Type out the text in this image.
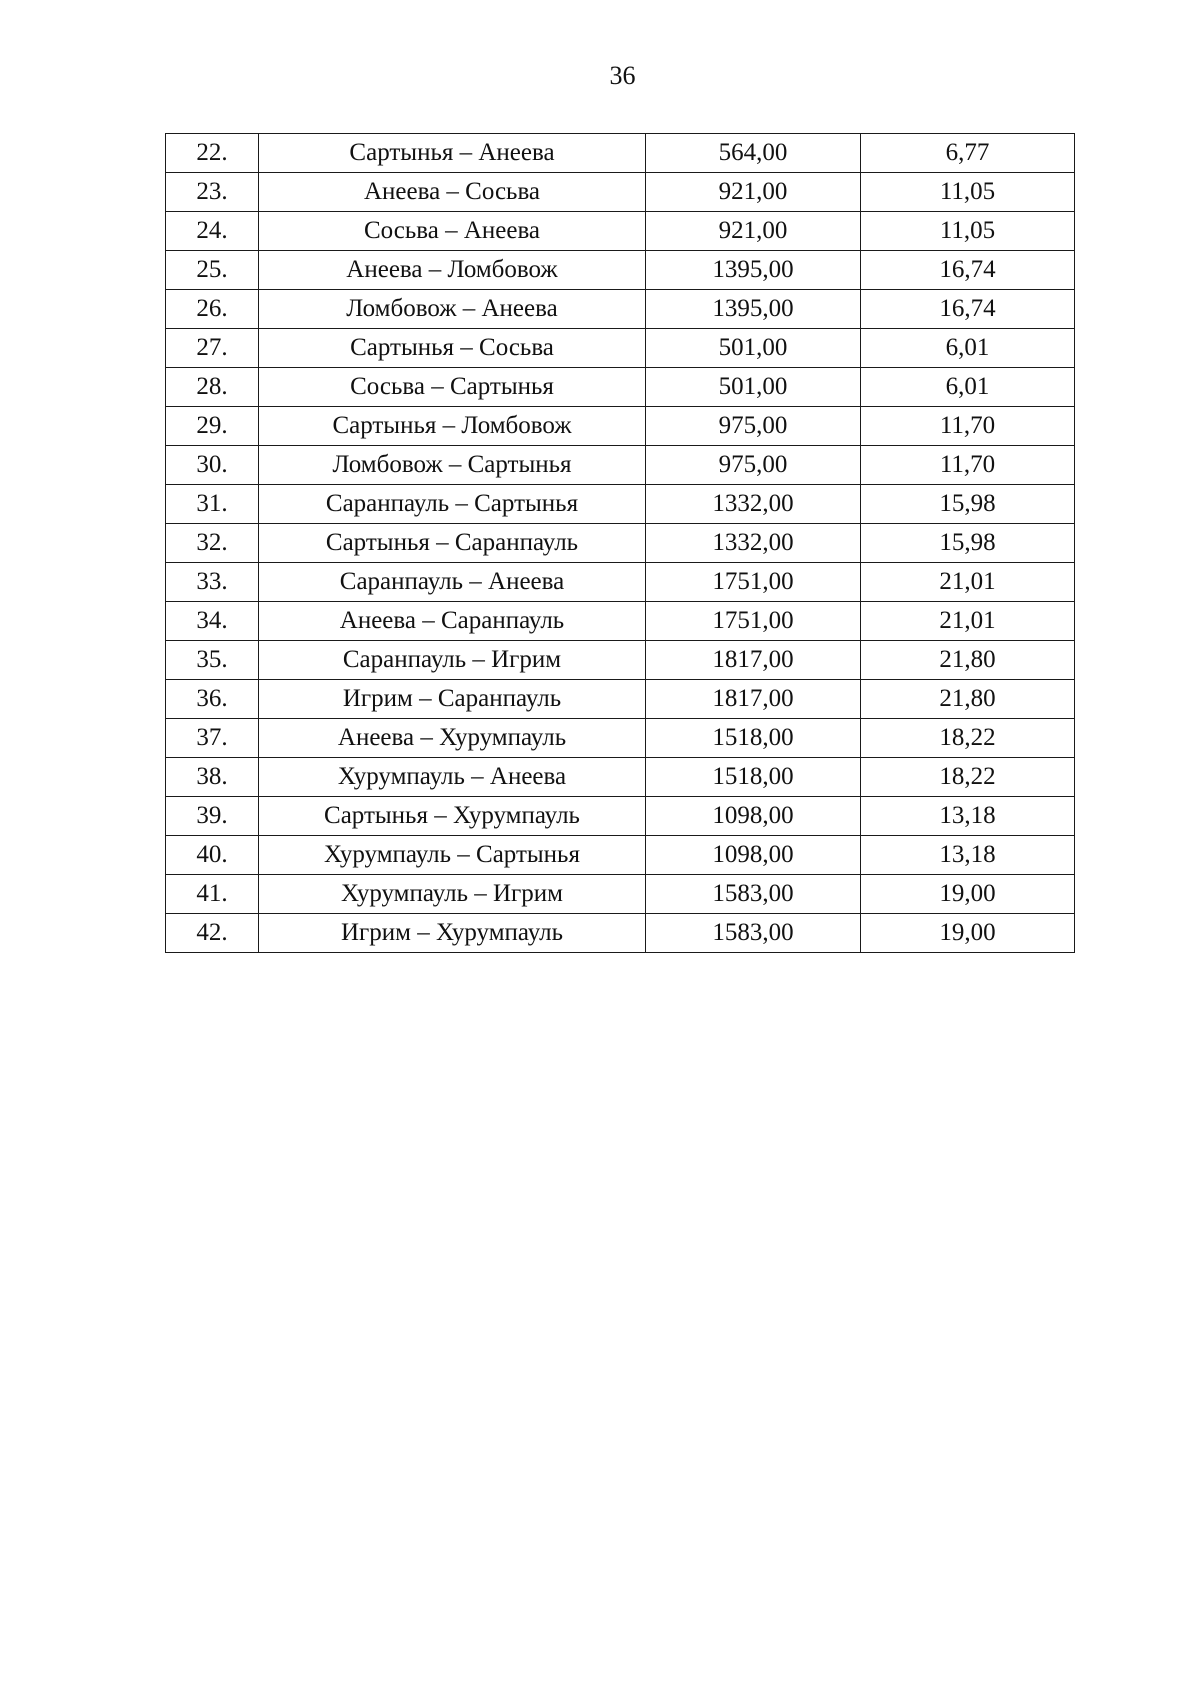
36
22.	Сартынья – Анеева	564,00	6,77
23.	Анеева – Сосьва	921,00	11,05
24.	Сосьва – Анеева	921,00	11,05
25.	Анеева – Ломбовож	1395,00	16,74
26.	Ломбовож – Анеева	1395,00	16,74
27.	Сартынья – Сосьва	501,00	6,01
28.	Сосьва – Сартынья	501,00	6,01
29.	Сартынья – Ломбовож	975,00	11,70
30.	Ломбовож – Сартынья	975,00	11,70
31.	Саранпауль – Сартынья	1332,00	15,98
32.	Сартынья – Саранпауль	1332,00	15,98
33.	Саранпауль – Анеева	1751,00	21,01
34.	Анеева – Саранпауль	1751,00	21,01
35.	Саранпауль – Игрим	1817,00	21,80
36.	Игрим – Саранпауль	1817,00	21,80
37.	Анеева – Хурумпауль	1518,00	18,22
38.	Хурумпауль – Анеева	1518,00	18,22
39.	Сартынья – Хурумпауль	1098,00	13,18
40.	Хурумпауль – Сартынья	1098,00	13,18
41.	Хурумпауль – Игрим	1583,00	19,00
42.	Игрим – Хурумпауль	1583,00	19,00
